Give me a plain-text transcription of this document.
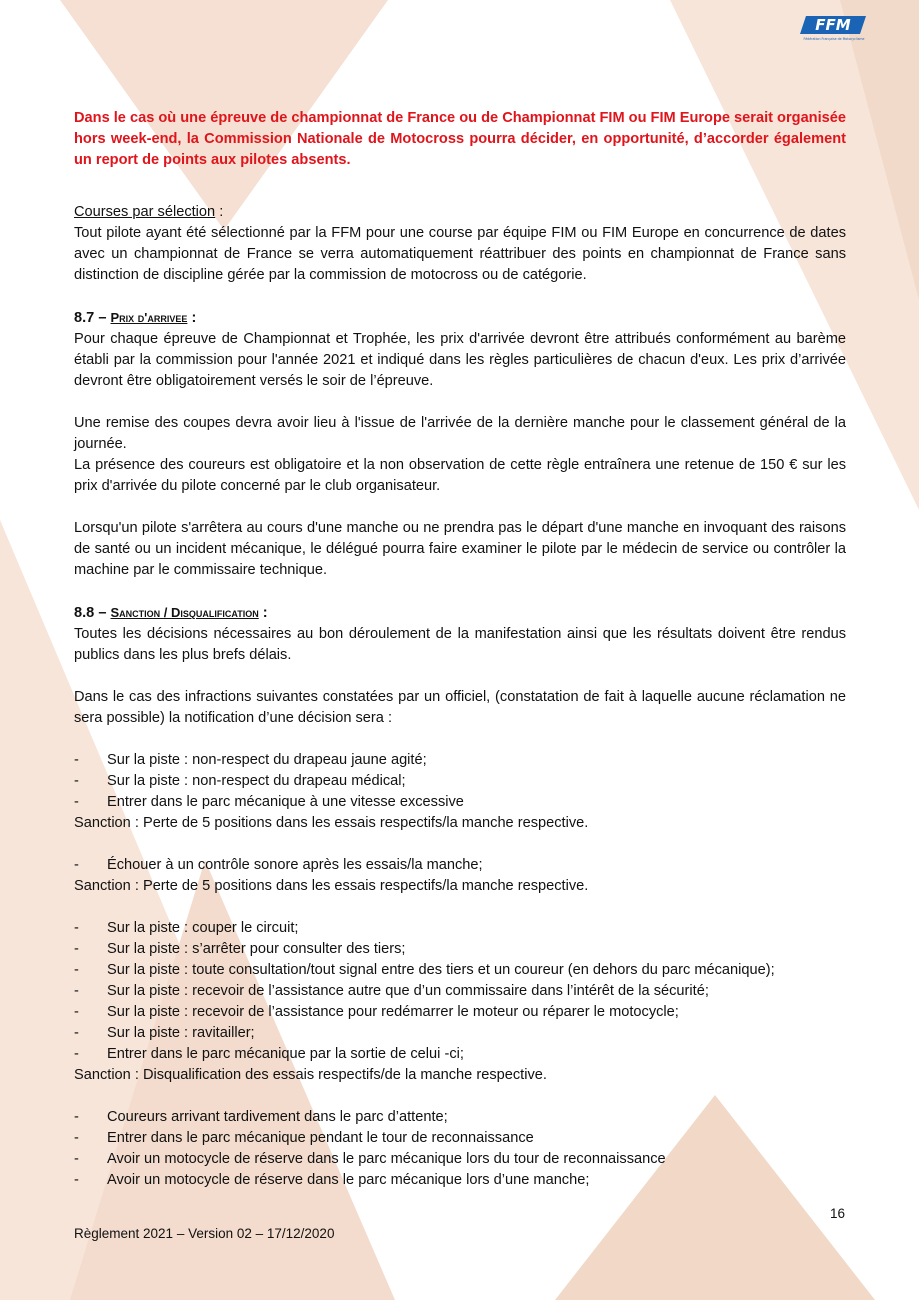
FFM
Fédération Française de Motocyclisme

Dans le cas où une épreuve de championnat de France ou de Championnat FIM ou FIM Europe serait organisée hors week-end, la Commission Nationale de Motocross pourra décider, en opportunité, d’accorder également un report de points aux pilotes absents.

Courses par sélection :

Tout pilote ayant été sélectionné par la FFM pour une course par équipe FIM ou FIM Europe en concurrence de dates avec un championnat de France se verra automatiquement réattribuer des points en championnat de France sans distinction de discipline gérée par la commission de motocross ou de catégorie.

8.7 – Prix d'arrivee :

Pour chaque épreuve de Championnat et Trophée, les prix d'arrivée devront être attribués conformément au barème établi par la commission pour l'année 2021 et indiqué dans les règles particulières de chacun d'eux. Les prix d’arrivée devront être obligatoirement versés le soir de l’épreuve.

Une remise des coupes devra avoir lieu à l'issue de l'arrivée de la dernière manche pour le classement général de la journée.

La présence des coureurs est obligatoire et la non observation de cette règle entraînera une retenue de 150 € sur les prix d'arrivée du pilote concerné par le club organisateur.

Lorsqu'un pilote s'arrêtera au cours d'une manche ou ne prendra pas le départ d'une manche en invoquant des raisons de santé ou un incident mécanique, le délégué pourra faire examiner le pilote par le médecin de service ou contrôler la machine par le commissaire technique.

8.8 – Sanction / Disqualification :

Toutes les décisions nécessaires au bon déroulement de la manifestation ainsi que les résultats doivent être rendus publics dans les plus brefs délais.

Dans le cas des infractions suivantes constatées par un officiel, (constatation de fait à laquelle aucune réclamation ne sera possible) la notification d’une décision sera :

- Sur la piste : non-respect du drapeau jaune agité;
- Sur la piste : non-respect du drapeau médical;
- Entrer dans le parc mécanique à une vitesse excessive

Sanction : Perte de 5 positions dans les essais respectifs/la manche respective.

- Échouer à un contrôle sonore après les essais/la manche;

Sanction : Perte de 5 positions dans les essais respectifs/la manche respective.

- Sur la piste : couper le circuit;
- Sur la piste : s’arrêter pour consulter des tiers;
- Sur la piste : toute consultation/tout signal entre des tiers et un coureur (en dehors du parc mécanique);
- Sur la piste : recevoir de l’assistance autre que d’un commissaire dans l’intérêt de la sécurité;
- Sur la piste : recevoir de l’assistance pour redémarrer le moteur ou réparer le motocycle;
- Sur la piste : ravitailler;
- Entrer dans le parc mécanique par la sortie de celui -ci;

Sanction : Disqualification des essais respectifs/de la manche respective.

- Coureurs arrivant tardivement dans le parc d’attente;
- Entrer dans le parc mécanique pendant le tour de reconnaissance
- Avoir un motocycle de réserve dans le parc mécanique lors du tour de reconnaissance
- Avoir un motocycle de réserve dans le parc mécanique lors d’une manche;
16
Règlement 2021 – Version 02 – 17/12/2020
